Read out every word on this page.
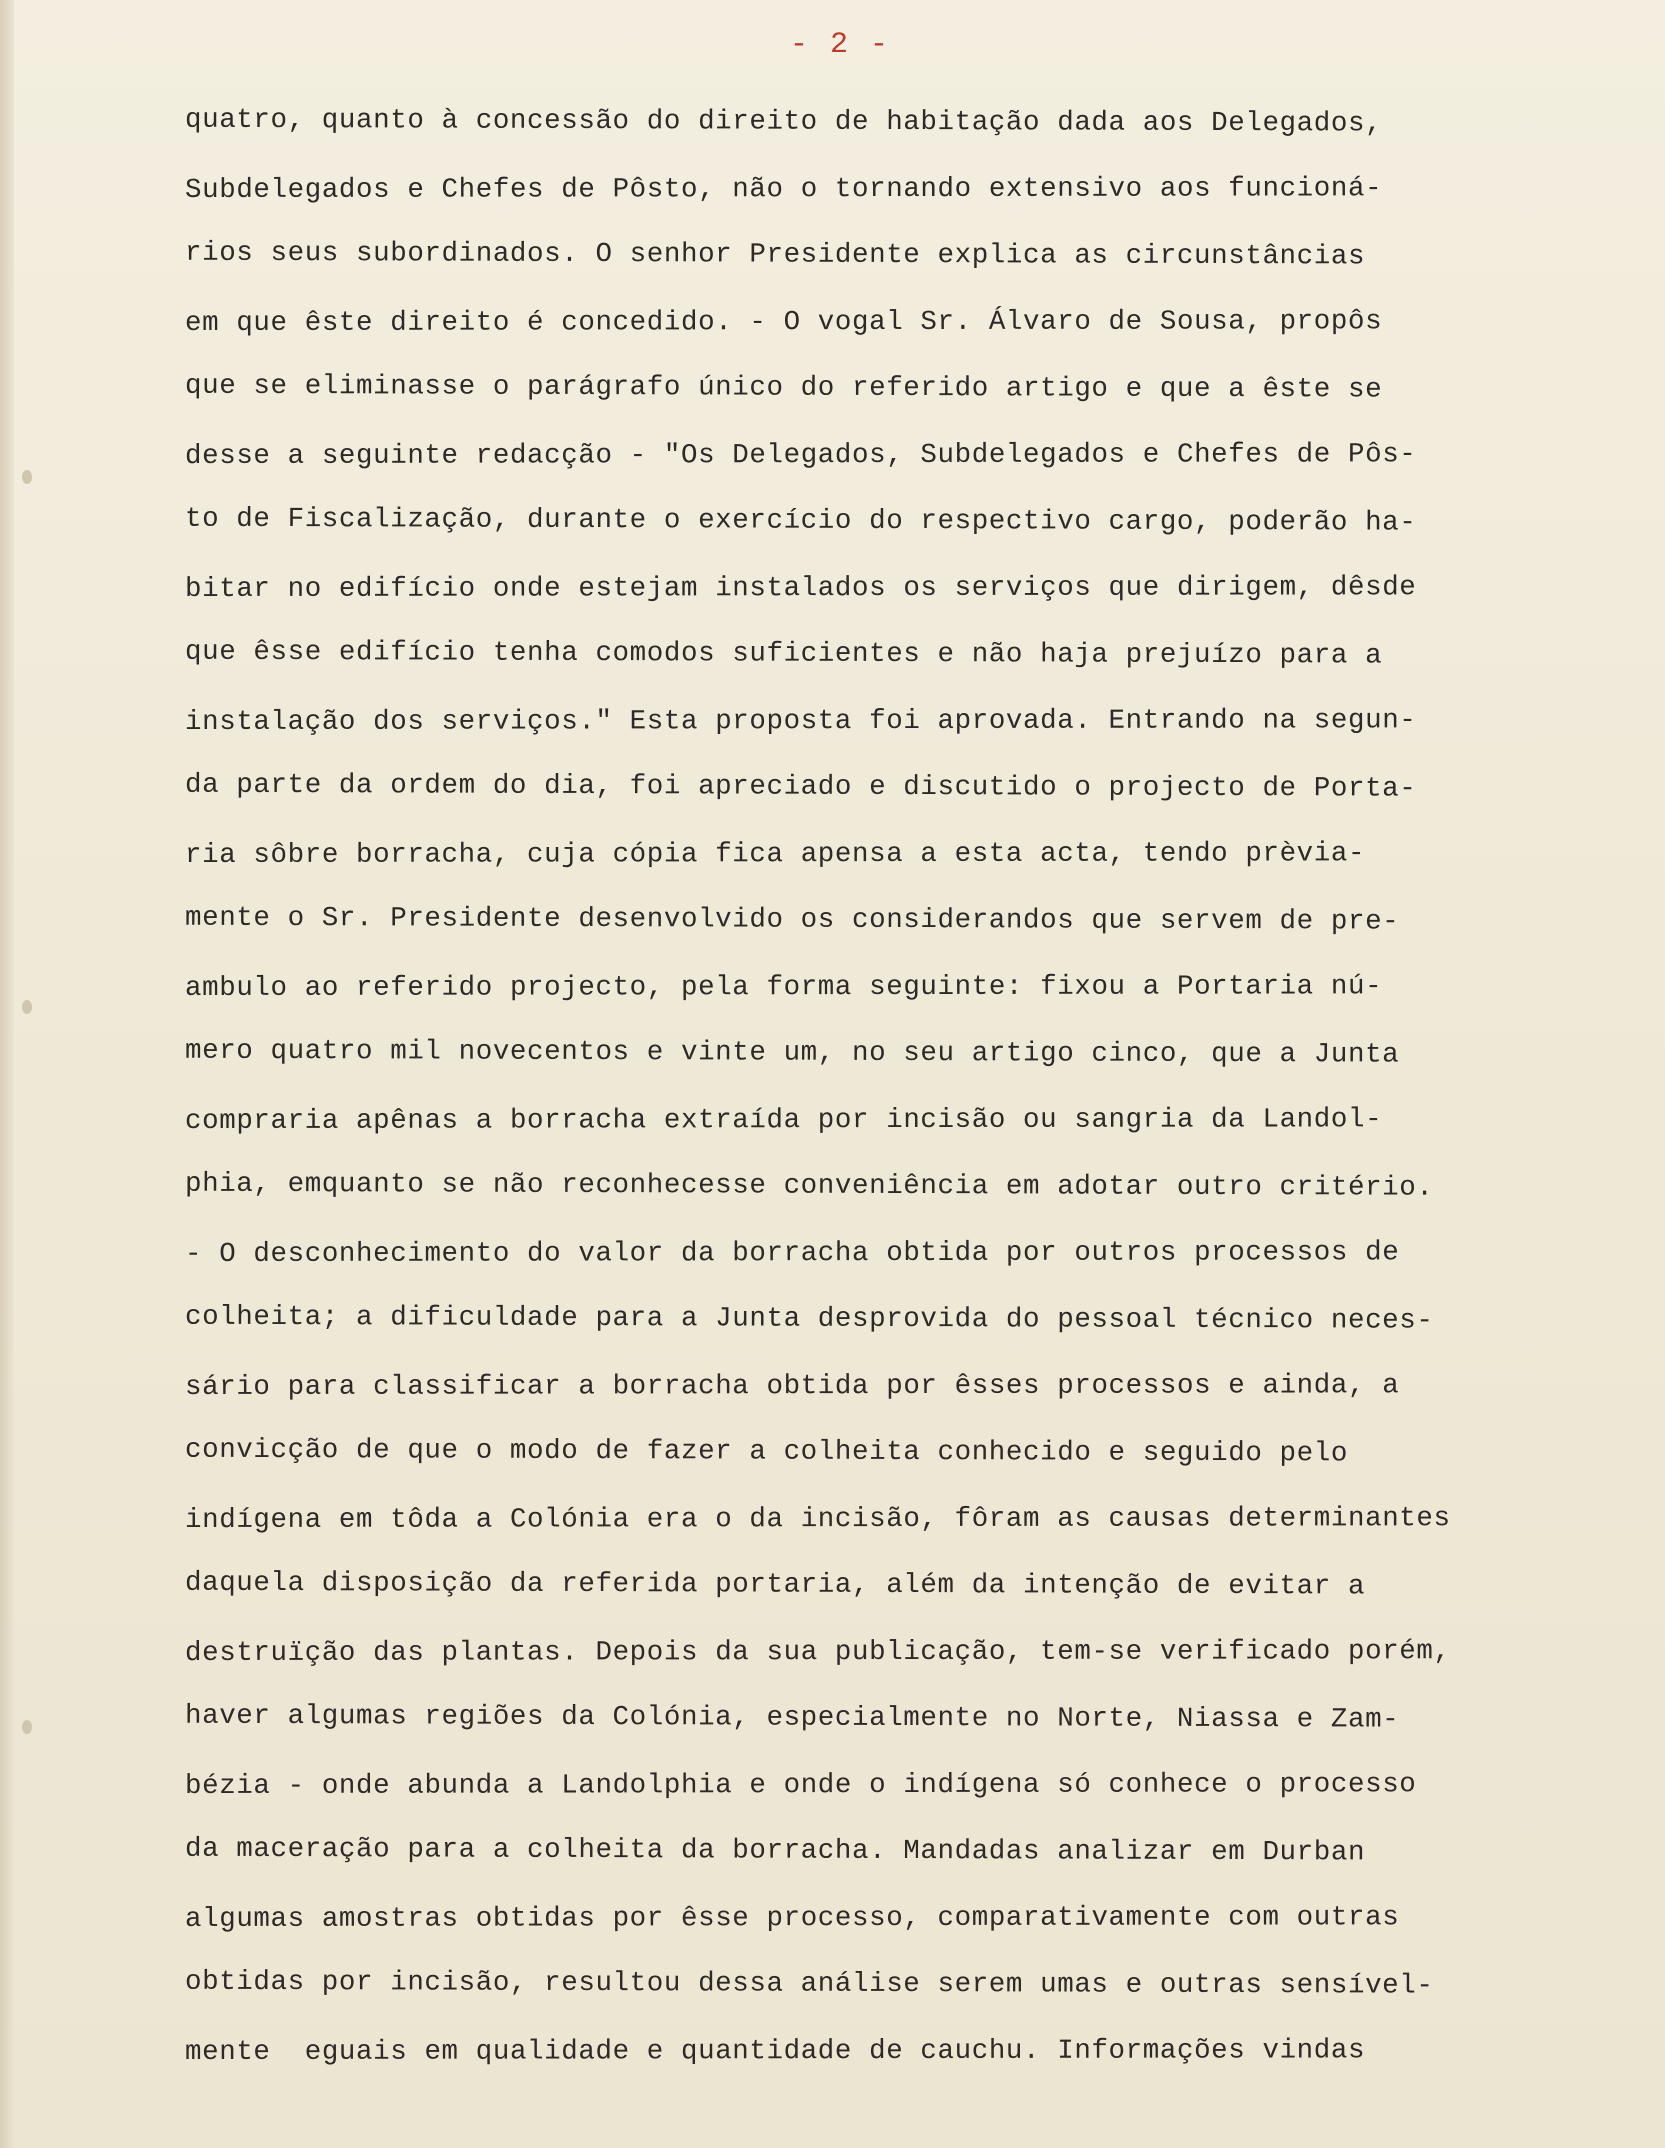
- 2 -
quatro, quanto à concessão do direito de habitação dada aos Delegados,
Subdelegados e Chefes de Pôsto, não o tornando extensivo aos funcioná-
rios seus subordinados. O senhor Presidente explica as circunstâncias
em que êste direito é concedido. - O vogal Sr. Álvaro de Sousa, propôs
que se eliminasse o parágrafo único do referido artigo e que a êste se
desse a seguinte redacção - "Os Delegados, Subdelegados e Chefes de Pôs-
to de Fiscalização, durante o exercício do respectivo cargo, poderão ha-
bitar no edifício onde estejam instalados os serviços que dirigem, dêsde
que êsse edifício tenha comodos suficientes e não haja prejuízo para a
instalação dos serviços." Esta proposta foi aprovada. Entrando na segun-
da parte da ordem do dia, foi apreciado e discutido o projecto de Porta-
ria sôbre borracha, cuja cópia fica apensa a esta acta, tendo prèvia-
mente o Sr. Presidente desenvolvido os considerandos que servem de pre-
ambulo ao referido projecto, pela forma seguinte: fixou a Portaria nú-
mero quatro mil novecentos e vinte um, no seu artigo cinco, que a Junta
compraria apênas a borracha extraída por incisão ou sangria da Landol-
phia, emquanto se não reconhecesse conveniência em adotar outro critério.
- O desconhecimento do valor da borracha obtida por outros processos de
colheita; a dificuldade para a Junta desprovida do pessoal técnico neces-
sário para classificar a borracha obtida por êsses processos e ainda, a
convicção de que o modo de fazer a colheita conhecido e seguido pelo
indígena em tôda a Colónia era o da incisão, fôram as causas determinantes
daquela disposição da referida portaria, além da intenção de evitar a
destruïção das plantas. Depois da sua publicação, tem-se verificado porém,
haver algumas regiões da Colónia, especialmente no Norte, Niassa e Zam-
bézia - onde abunda a Landolphia e onde o indígena só conhece o processo
da maceração para a colheita da borracha. Mandadas analizar em Durban
algumas amostras obtidas por êsse processo, comparativamente com outras
obtidas por incisão, resultou dessa análise serem umas e outras sensível-
mente  eguais em qualidade e quantidade de cauchu. Informações vindas
